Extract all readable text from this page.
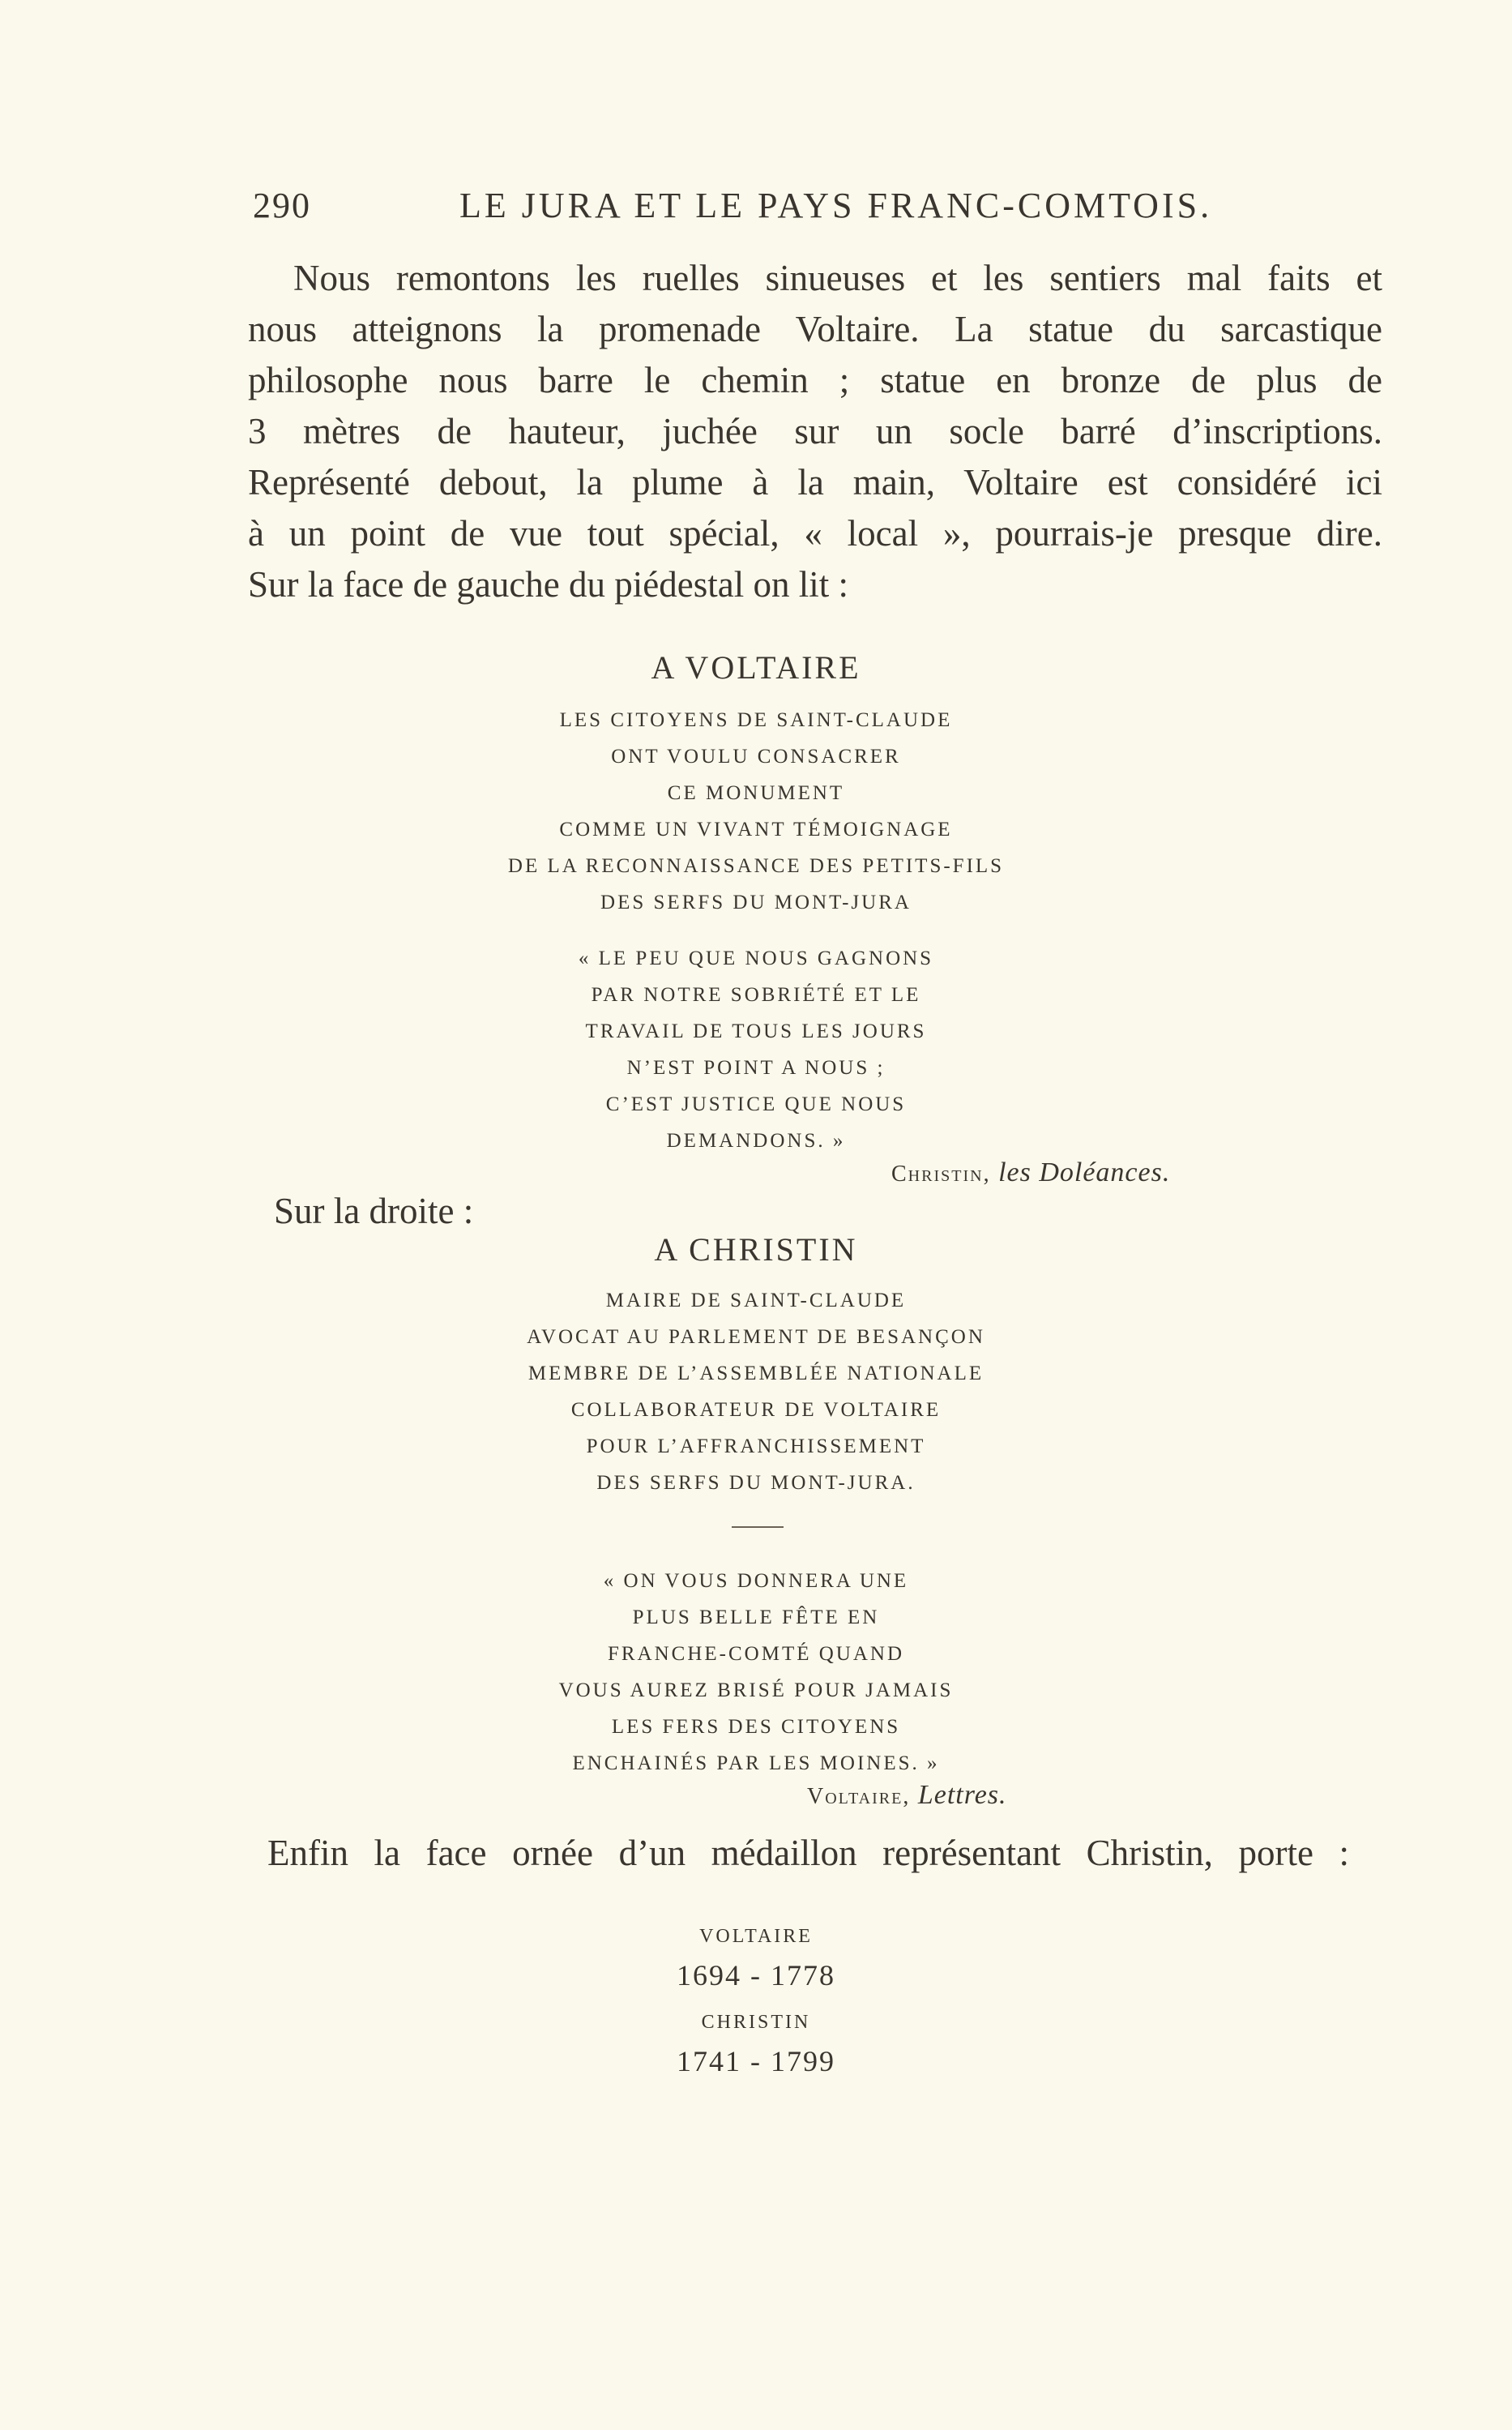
290	LE JURA ET LE PAYS FRANC-COMTOIS.
Nous remontons les ruelles sinueuses et les sentiers mal faits et
nous atteignons la promenade Voltaire. La statue du sarcastique
philosophe nous barre le chemin ; statue en bronze de plus de
3 mètres de hauteur, juchée sur un socle barré d’inscriptions.
Représenté debout, la plume à la main, Voltaire est considéré ici
à un point de vue tout spécial, « local », pourrais-je presque dire.
Sur la face de gauche du piédestal on lit :
A VOLTAIRE
LES CITOYENS DE SAINT-CLAUDE
ONT VOULU CONSACRER
CE MONUMENT
COMME UN VIVANT TÉMOIGNAGE
DE LA RECONNAISSANCE DES PETITS-FILS
DES SERFS DU MONT-JURA
« LE PEU QUE NOUS GAGNONS
PAR NOTRE SOBRIÉTÉ ET LE
TRAVAIL DE TOUS LES JOURS
N’EST POINT A NOUS ;
C’EST JUSTICE QUE NOUS
DEMANDONS. »
Christin, les Doléances.
Sur la droite :
A CHRISTIN
MAIRE DE SAINT-CLAUDE
AVOCAT AU PARLEMENT DE BESANÇON
MEMBRE DE L’ASSEMBLÉE NATIONALE
COLLABORATEUR DE VOLTAIRE
POUR L’AFFRANCHISSEMENT
DES SERFS DU MONT-JURA.
« ON VOUS DONNERA UNE
PLUS BELLE FÊTE EN
FRANCHE-COMTÉ QUAND
VOUS AUREZ BRISÉ POUR JAMAIS
LES FERS DES CITOYENS
ENCHAINÉS PAR LES MOINES. »
Voltaire, Lettres.
Enfin la face ornée d’un médaillon représentant Christin, porte :
VOLTAIRE
1694 - 1778
CHRISTIN
1741 - 1799
